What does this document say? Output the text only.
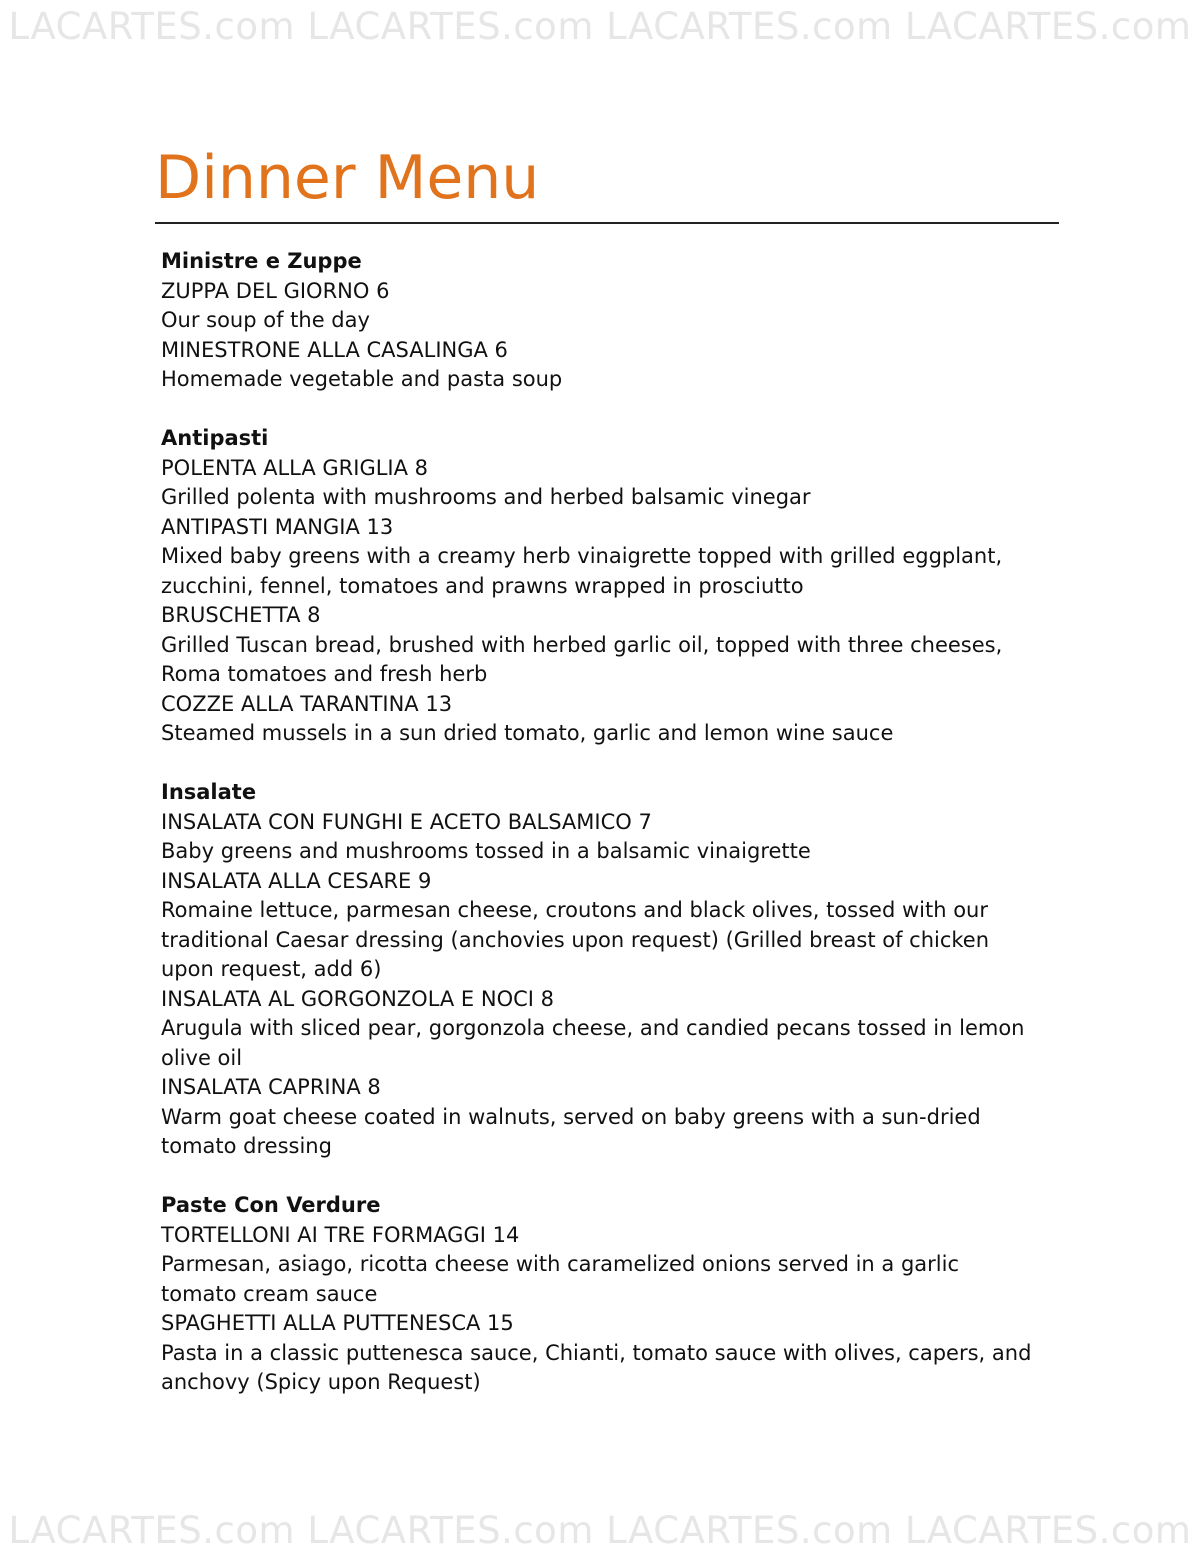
LACARTES.com LACARTES.com LACARTES.com LACARTES.com
Dinner Menu
Ministre e Zuppe
ZUPPA DEL GIORNO 6
Our soup of the day
MINESTRONE ALLA CASALINGA 6
Homemade vegetable and pasta soup
Antipasti
POLENTA ALLA GRIGLIA 8
Grilled polenta with mushrooms and herbed balsamic vinegar
ANTIPASTI MANGIA 13
Mixed baby greens with a creamy herb vinaigrette topped with grilled eggplant, zucchini, fennel, tomatoes and prawns wrapped in prosciutto
BRUSCHETTA 8
Grilled Tuscan bread, brushed with herbed garlic oil, topped with three cheeses, Roma tomatoes and fresh herb
COZZE ALLA TARANTINA 13
Steamed mussels in a sun dried tomato, garlic and lemon wine sauce
Insalate
INSALATA CON FUNGHI E ACETO BALSAMICO 7
Baby greens and mushrooms tossed in a balsamic vinaigrette
INSALATA ALLA CESARE 9
Romaine lettuce, parmesan cheese, croutons and black olives, tossed with our traditional Caesar dressing (anchovies upon request) (Grilled breast of chicken upon request, add 6)
INSALATA AL GORGONZOLA E NOCI 8
Arugula with sliced pear, gorgonzola cheese, and candied pecans tossed in lemon olive oil
INSALATA CAPRINA 8
Warm goat cheese coated in walnuts, served on baby greens with a sun-dried tomato dressing
Paste Con Verdure
TORTELLONI AI TRE FORMAGGI 14
Parmesan, asiago, ricotta cheese with caramelized onions served in a garlic tomato cream sauce
SPAGHETTI ALLA PUTTENESCA 15
Pasta in a classic puttenesca sauce, Chianti, tomato sauce with olives, capers, and anchovy (Spicy upon Request)
LACARTES.com LACARTES.com LACARTES.com LACARTES.com
